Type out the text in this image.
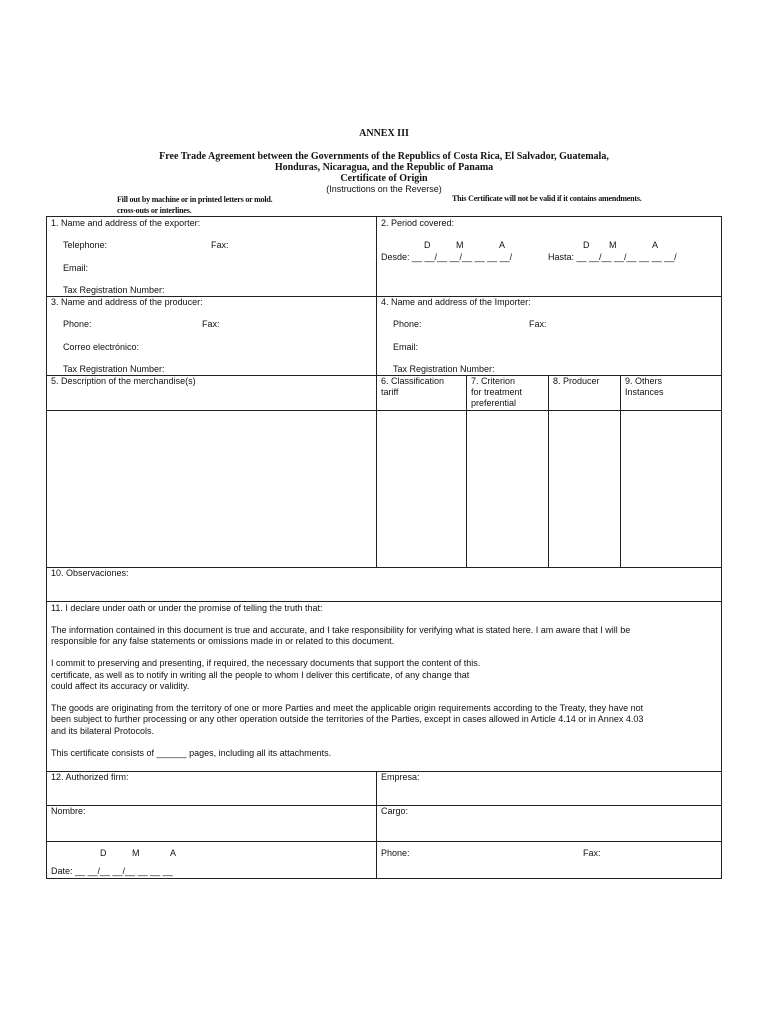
ANNEX III
Free Trade Agreement between the Governments of the Republics of Costa Rica, El Salvador, Guatemala,
Honduras, Nicaragua, and the Republic of Panama
Certificate of Origin
(Instructions on the Reverse)
Fill out by machine or in printed letters or mold.
cross-outs or interlines.
This Certificate will not be valid if it contains amendments.
1. Name and address of the exporter:
Telephone:	Fax:
Email:
Tax Registration Number:
2. Period covered:
D	M	A	D M	A
Desde: __ __/__ __/__ __ __ __/	Hasta: __ __/__ __/__ __ __ __/
3. Name and address of the producer:
Phone:	Fax:
Correo electrónico:
Tax Registration Number:
4. Name and address of the Importer:
Phone:	Fax:
Email:
Tax Registration Number:
5. Description of the merchandise(s)	6. Classification
tariff
7. Criterion
for treatment
preferential
8. Producer	9. Others
Instances
10. Observaciones:
11. I declare under oath or under the promise of telling the truth that:

The information contained in this document is true and accurate, and I take responsibility for verifying what is stated here. I am aware that I will be responsible for any false statements or omissions made in or related to this document.

I commit to preserving and presenting, if required, the necessary documents that support the content of this.
certificate, as well as to notify in writing all the people to whom I deliver this certificate, of any change that
could affect its accuracy or validity.

The goods are originating from the territory of one or more Parties and meet the applicable origin requirements according to the Treaty, they have not been subject to further processing or any other operation outside the territories of the Parties, except in cases allowed in Article 4.14 or in Annex 4.03 and its bilateral Protocols.

This certificate consists of ______ pages, including all its attachments.
12. Authorized firm:	Empresa:
Nombre:	Cargo:
D	M	A
Date: __ __/__ __/__ __ __ __
Phone:	Fax:
